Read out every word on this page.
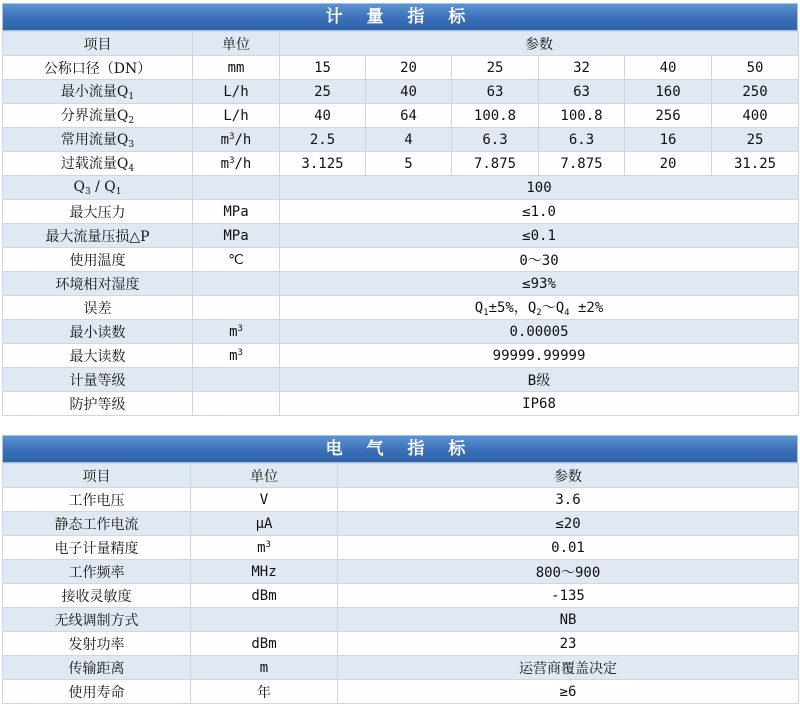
计 量 指 标
项目	单位	参数					
公称口径（DN）	mm	15	20	25	32	40	50
最小流量$Q_1$	L/h	25	40	63	63	160	250
分界流量$Q_2$	L/h	40	64	100.8	100.8	256	400
常用流量$Q_3$	$m^3/h$	2.5	4	6.3	6.3	16	25
过载流量$Q_4$	$m^3/h$	3.125	5	7.875	7.875	20	31.25
$Q_3 / Q_1$		100					
最大压力	MPa	≤1.0					
最大流量压损△P	MPa	≤0.1					
使用温度	℃	0～30					
环境相对湿度		≤93%					
误差		$Q_1\pm 5\%$，$Q_2\sim Q_4 \pm 2\%$					
最小读数	$m^3$	0.00005					
最大读数	$m^3$	99999.99999					
计量等级		B级					
防护等级		IP68					
电 气 指 标
项目	单位	参数
工作电压	V	3.6
静态工作电流	μA	≤20
电子计量精度	$m^3$	0.01
工作频率	MHz	800～900
接收灵敏度	dBm	-135
无线调制方式		NB
发射功率	dBm	23
传输距离	m	运营商覆盖决定
使用寿命	年	≥6
